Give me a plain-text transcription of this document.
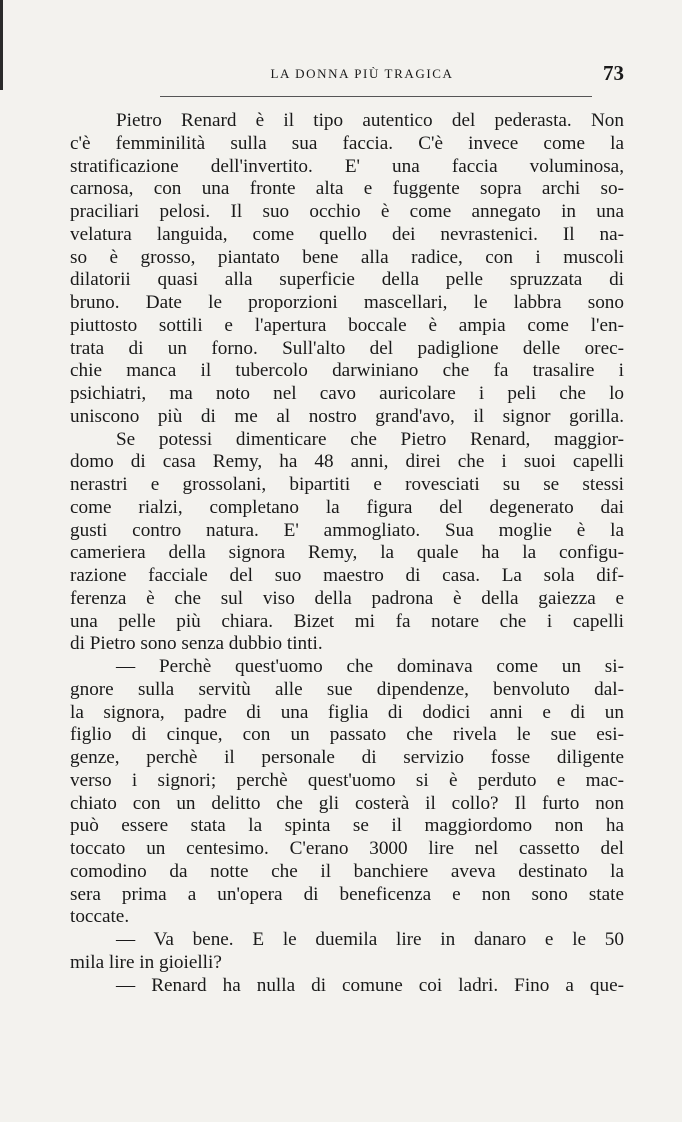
LA DONNA PIÙ TRAGICA	73
Pietro Renard è il tipo autentico del pederasta. Non
c'è femminilità sulla sua faccia. C'è invece come la
stratificazione dell'invertito. E' una faccia voluminosa,
carnosa, con una fronte alta e fuggente sopra archi so-
praciliari pelosi. Il suo occhio è come annegato in una
velatura languida, come quello dei nevrastenici. Il na-
so è grosso, piantato bene alla radice, con i muscoli
dilatorii quasi alla superficie della pelle spruzzata di
bruno. Date le proporzioni mascellari, le labbra sono
piuttosto sottili e l'apertura boccale è ampia come l'en-
trata di un forno. Sull'alto del padiglione delle orec-
chie manca il tubercolo darwiniano che fa trasalire i
psichiatri, ma noto nel cavo auricolare i peli che lo
uniscono più di me al nostro grand'avo, il signor gorilla.
Se potessi dimenticare che Pietro Renard, maggior-
domo di casa Remy, ha 48 anni, direi che i suoi capelli
nerastri e grossolani, bipartiti e rovesciati su se stessi
come rialzi, completano la figura del degenerato dai
gusti contro natura. E' ammogliato. Sua moglie è la
cameriera della signora Remy, la quale ha la configu-
razione facciale del suo maestro di casa. La sola dif-
ferenza è che sul viso della padrona è della gaiezza e
una pelle più chiara. Bizet mi fa notare che i capelli
di Pietro sono senza dubbio tinti.
— Perchè quest'uomo che dominava come un si-
gnore sulla servitù alle sue dipendenze, benvoluto dal-
la signora, padre di una figlia di dodici anni e di un
figlio di cinque, con un passato che rivela le sue esi-
genze, perchè il personale di servizio fosse diligente
verso i signori; perchè quest'uomo si è perduto e mac-
chiato con un delitto che gli costerà il collo? Il furto non
può essere stata la spinta se il maggiordomo non ha
toccato un centesimo. C'erano 3000 lire nel cassetto del
comodino da notte che il banchiere aveva destinato la
sera prima a un'opera di beneficenza e non sono state
toccate.
— Va bene. E le duemila lire in danaro e le 50
mila lire in gioielli?
— Renard ha nulla di comune coi ladri. Fino a que-
